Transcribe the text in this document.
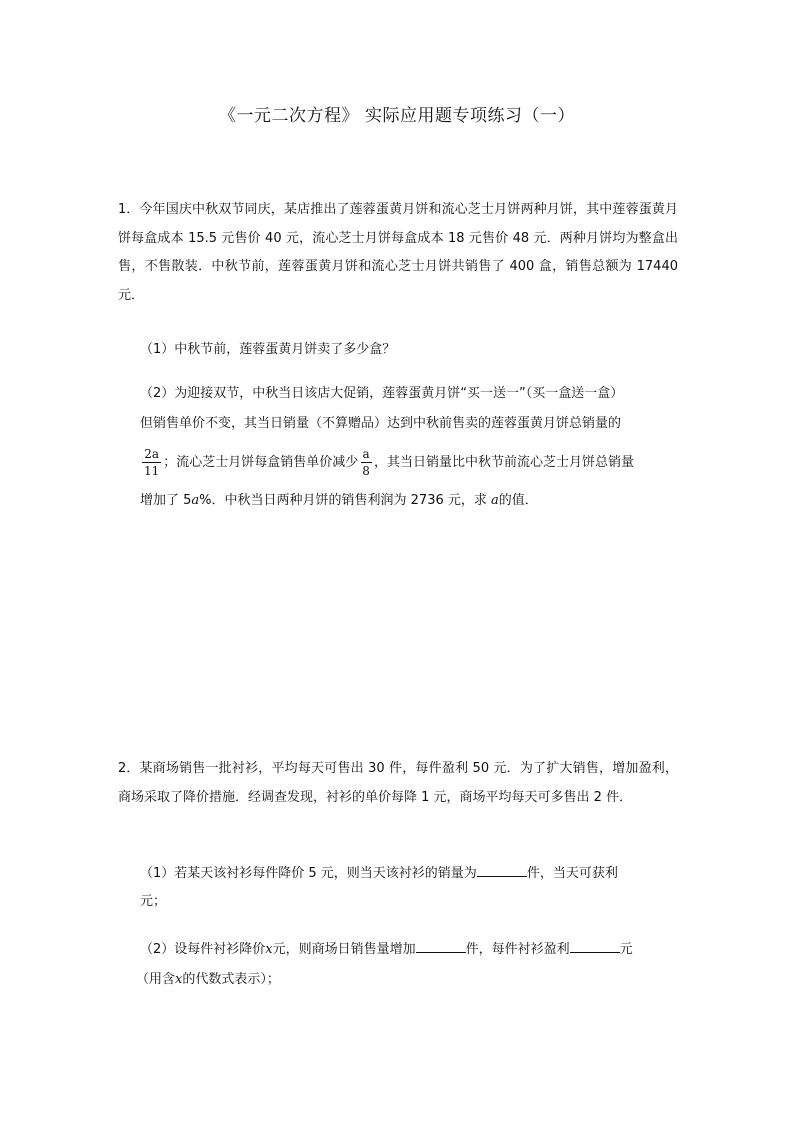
《一元二次方程》 实际应用题专项练习（一）
1．今年国庆中秋双节同庆，某店推出了莲蓉蛋黄月饼和流心芝士月饼两种月饼，其中莲蓉蛋黄月饼每盒成本 15.5 元售价 40 元，流心芝士月饼每盒成本 18 元售价 48 元．两种月饼均为整盒出售，不售散装．中秋节前，莲蓉蛋黄月饼和流心芝士月饼共销售了 400 盒，销售总额为 17440 元．
（1）中秋节前，莲蓉蛋黄月饼卖了多少盒？
（2）为迎接双节，中秋当日该店大促销，莲蓉蛋黄月饼“买一送一”（买一盒送一盒）
但销售单价不变，其当日销量（不算赠品）达到中秋前售卖的莲蓉蛋黄月饼总销量的
$\frac{2a}{11}$ ；流心芝士月饼每盒销售单价减少 $\frac{a}{8}$ ，其当日销量比中秋节前流心芝士月饼总销量
增加了 5a%．中秋当日两种月饼的销售利润为 2736 元，求 a的值．
2．某商场销售一批衬衫，平均每天可售出 30 件，每件盈利 50 元．为了扩大销售，增加盈利，商场采取了降价措施．经调查发现，衬衫的单价每降 1 元，商场平均每天可多售出 2 件．
（1）若某天该衬衫每件降价 5 元，则当天该衬衫的销量为	件，当天可获利
元；
（2）设每件衬衫降价x元，则商场日销售量增加	件，每件衬衫盈利	元
（用含x的代数式表示）；
